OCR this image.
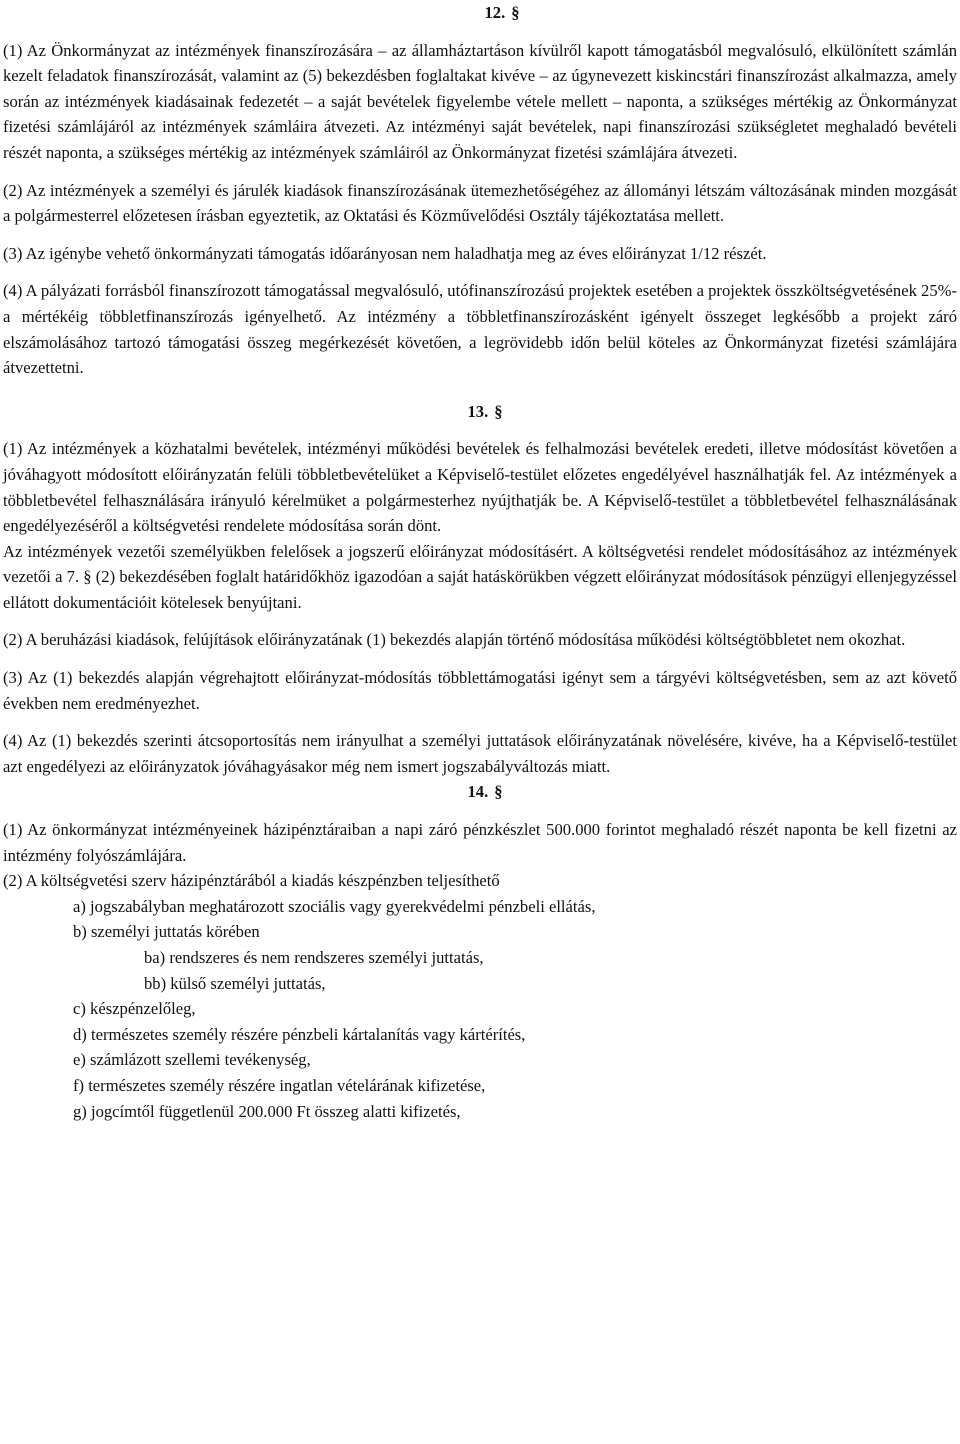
12. §

(1) Az Önkormányzat az intézmények finanszírozására – az államháztartáson kívülről kapott támogatásból megvalósuló, elkülönített számlán kezelt feladatok finanszírozását, valamint az (5) bekezdésben foglaltakat kivéve – az úgynevezett kiskincstári finanszírozást alkalmazza, amely során az intézmények kiadásainak fedezetét – a saját bevételek figyelembe vétele mellett – naponta, a szükséges mértékig az Önkormányzat fizetési számlájáról az intézmények számláira átvezeti. Az intézményi saját bevételek, napi finanszírozási szükségletet meghaladó bevételi részét naponta, a szükséges mértékig az intézmények számláiról az Önkormányzat fizetési számlájára átvezeti.

(2) Az intézmények a személyi és járulék kiadások finanszírozásának ütemezhetőségéhez az állományi létszám változásának minden mozgását a polgármesterrel előzetesen írásban egyeztetik, az Oktatási és Közművelődési Osztály tájékoztatása mellett.

(3) Az igénybe vehető önkormányzati támogatás időarányosan nem haladhatja meg az éves előirányzat 1/12 részét.

(4) A pályázati forrásból finanszírozott támogatással megvalósuló, utófinanszírozású projektek esetében a projektek összköltségvetésének 25%-a mértékéig többletfinanszírozás igényelhető. Az intézmény a többletfinanszírozásként igényelt összeget legkésőbb a projekt záró elszámolásához tartozó támogatási összeg megérkezését követően, a legrövidebb időn belül köteles az Önkormányzat fizetési számlájára átvezettetni.

13. §

(1) Az intézmények a közhatalmi bevételek, intézményi működési bevételek és felhalmozási bevételek eredeti, illetve módosítást követően a jóváhagyott módosított előirányzatán felüli többletbevételüket a Képviselő-testület előzetes engedélyével használhatják fel. Az intézmények a többletbevétel felhasználására irányuló kérelmüket a polgármesterhez nyújthatják be. A Képviselő-testület a többletbevétel felhasználásának engedélyezéséről a költségvetési rendelete módosítása során dönt.

Az intézmények vezetői személyükben felelősek a jogszerű előirányzat módosításért. A költségvetési rendelet módosításához az intézmények vezetői a 7. § (2) bekezdésében foglalt határidőkhöz igazodóan a saját hatáskörükben végzett előirányzat módosítások pénzügyi ellenjegyzéssel ellátott dokumentációit kötelesek benyújtani.

(2) A beruházási kiadások, felújítások előirányzatának (1) bekezdés alapján történő módosítása működési költségtöbbletet nem okozhat.

(3) Az (1) bekezdés alapján végrehajtott előirányzat-módosítás többlettámogatási igényt sem a tárgyévi költségvetésben, sem az azt követő években nem eredményezhet.

(4) Az (1) bekezdés szerinti átcsoportosítás nem irányulhat a személyi juttatások előirányzatának növelésére, kivéve, ha a Képviselő-testület azt engedélyezi az előirányzatok jóváhagyásakor még nem ismert jogszabályváltozás miatt.

14. §

(1) Az önkormányzat intézményeinek házipénztáraiban a napi záró pénzkészlet 500.000 forintot meghaladó részét naponta be kell fizetni az intézmény folyószámlájára.

(2) A költségvetési szerv házipénztárából a kiadás készpénzben teljesíthető

a) jogszabályban meghatározott szociális vagy gyerekvédelmi pénzbeli ellátás,
b) személyi juttatás körében
ba) rendszeres és nem rendszeres személyi juttatás,
bb) külső személyi juttatás,
c) készpénzelőleg,
d) természetes személy részére pénzbeli kártalanítás vagy kártérítés,
e) számlázott szellemi tevékenység,
f) természetes személy részére ingatlan vételárának kifizetése,
g) jogcímtől függetlenül 200.000 Ft összeg alatti kifizetés,
